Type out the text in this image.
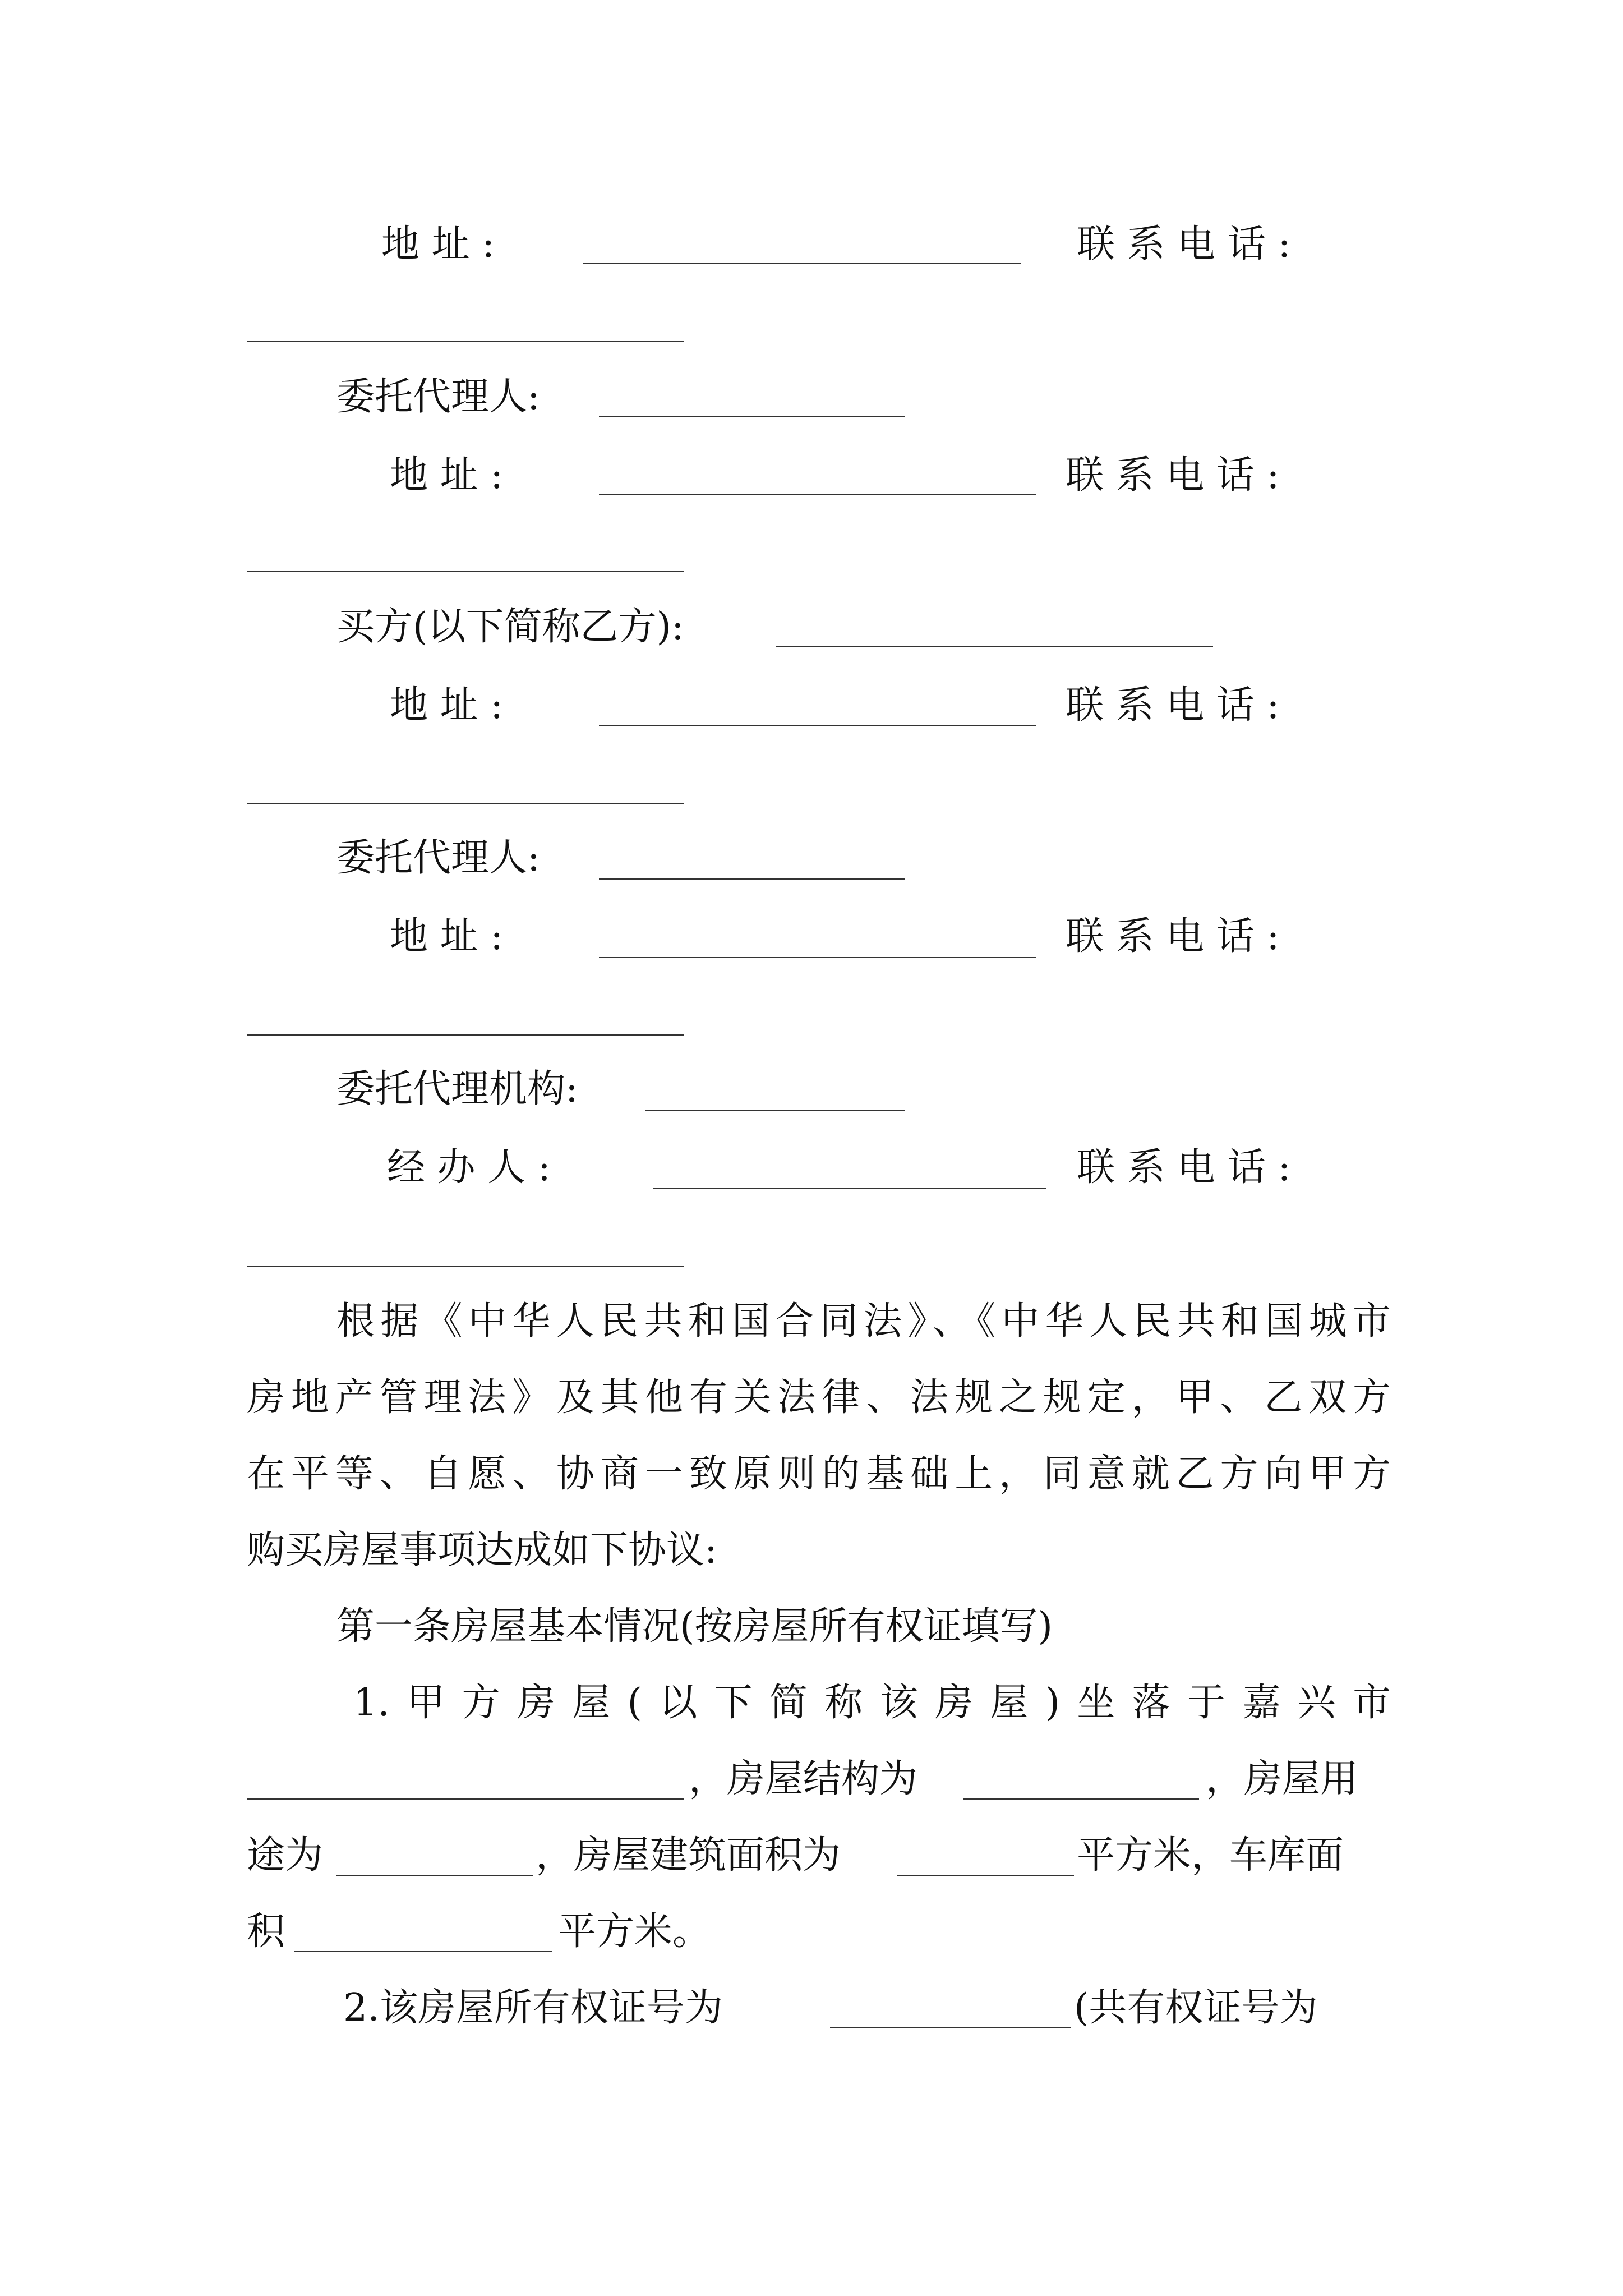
地 址 :	联 系 电 话 :
委托代理人:
地 址 :	联 系 电 话 :
买方(以下简称乙方):
地 址 :	联 系 电 话 :
委托代理人:
地 址 :	联 系 电 话 :
委托代理机构:
经 办 人 :	联 系 电 话 :
根据《中华人民共和国合同法》、《中华人民共和国城市
房地产管理法》及其他有关法律、法规之规定，甲、乙双方
在平等、自愿、协商一致原则的基础上，同意就乙方向甲方
购买房屋事项达成如下协议:
第一条房屋基本情况(按房屋所有权证填写)
1.甲方房屋(以下简称该房屋)坐落于嘉兴市
，房屋结构为	，房屋用
途为	，房屋建筑面积为	平方米，车库面
积	平方米。
2.该房屋所有权证号为	(共有权证号为
